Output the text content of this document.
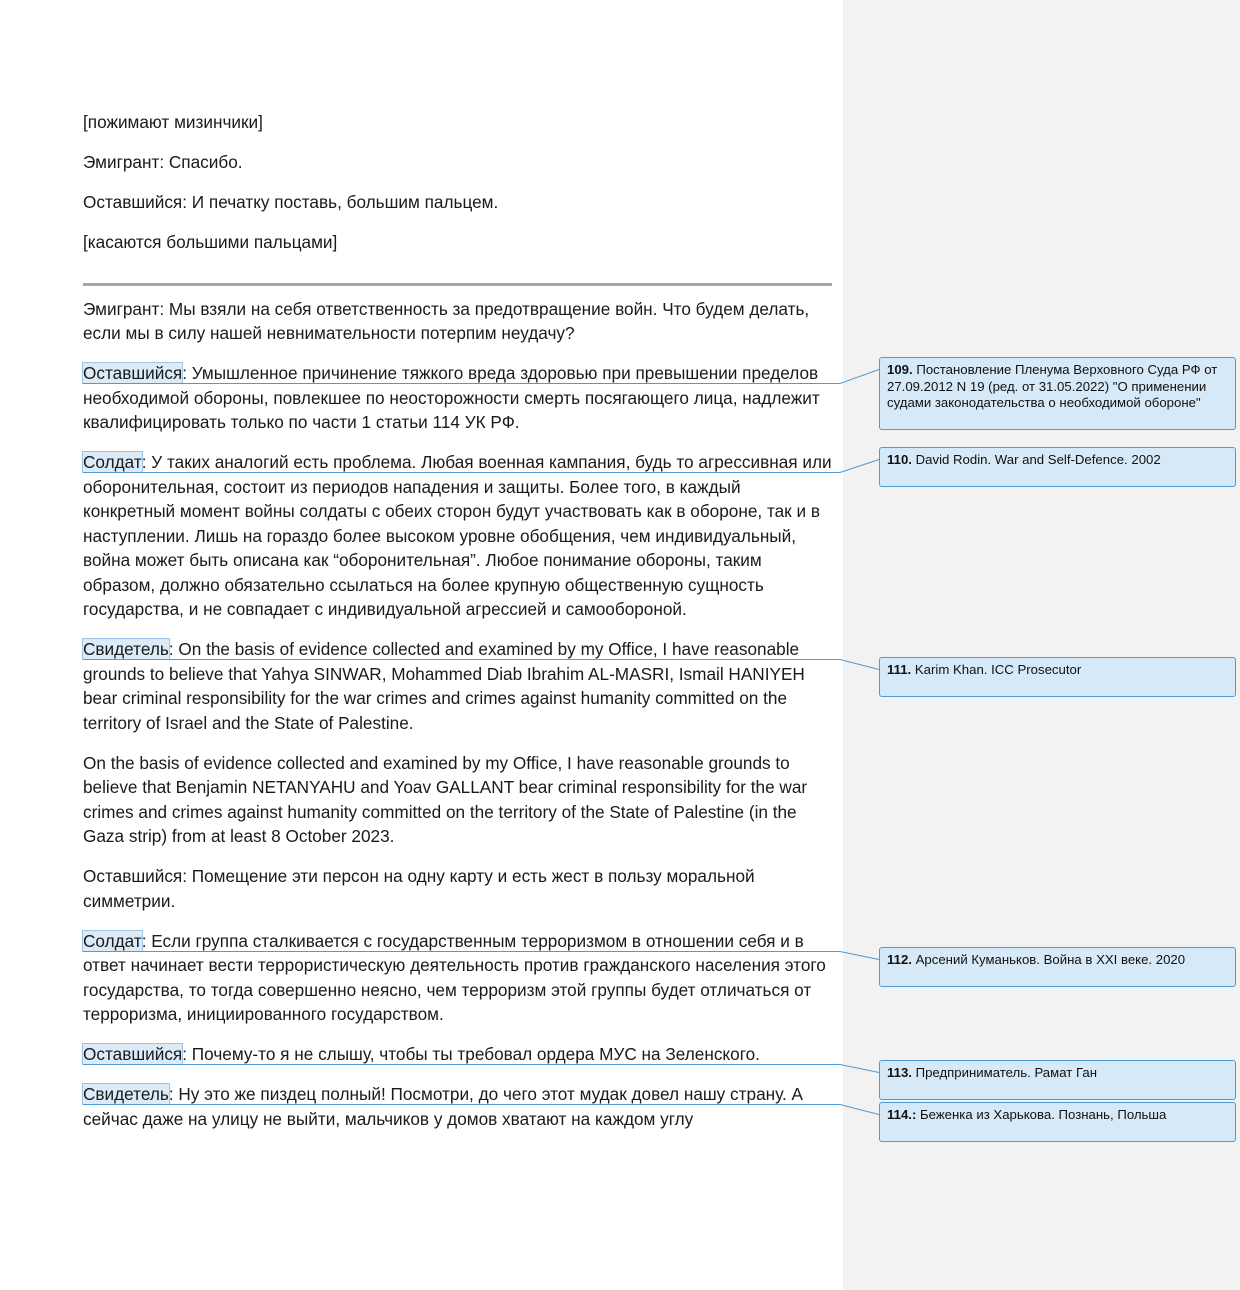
[пожимают мизинчики]

Эмигрант: Спасибо.

Оставшийся: И печатку поставь, большим пальцем.

[касаются большими пальцами]

Эмигрант: Мы взяли на себя ответственность за предотвращение войн. Что будем делать, если мы в силу нашей невнимательности потерпим неудачу?

Оставшийся: Умышленное причинение тяжкого вреда здоровью при превышении пределов необходимой обороны, повлекшее по неосторожности смерть посягающего лица, надлежит квалифицировать только по части 1 статьи 114 УК РФ.

Солдат: У таких аналогий есть проблема. Любая военная кампания, будь то агрессивная или оборонительная, состоит из периодов нападения и защиты. Более того, в каждый конкретный момент войны солдаты с обеих сторон будут участвовать как в обороне, так и в наступлении. Лишь на гораздо более высоком уровне обобщения, чем индивидуальный, война может быть описана как “оборонительная”. Любое понимание обороны, таким образом, должно обязательно ссылаться на более крупную общественную сущность государства, и не совпадает с индивидуальной агрессией и самообороной.

Свидетель: On the basis of evidence collected and examined by my Office, I have reasonable grounds to believe that Yahya SINWAR, Mohammed Diab Ibrahim AL-MASRI, Ismail HANIYEH bear criminal responsibility for the war crimes and crimes against humanity committed on the territory of Israel and the State of Palestine.

On the basis of evidence collected and examined by my Office, I have reasonable grounds to believe that Benjamin NETANYAHU and Yoav GALLANT bear criminal responsibility for the war crimes and crimes against humanity committed on the territory of the State of Palestine (in the Gaza strip) from at least 8 October 2023.

Оставшийся: Помещение эти персон на одну карту и есть жест в пользу моральной симметрии.

Солдат: Если группа сталкивается с государственным терроризмом в отношении себя и в ответ начинает вести террористическую деятельность против гражданского населения этого государства, то тогда совершенно неясно, чем терроризм этой группы будет отличаться от терроризма, инициированного государством.

Оставшийся: Почему-то я не слышу, чтобы ты требовал ордера МУС на Зеленского.

Свидетель: Ну это же пиздец полный! Посмотри, до чего этот мудак довел нашу страну. А сейчас даже на улицу не выйти, мальчиков у домов хватают на каждом углу

109. Постановление Пленума Верховного Суда РФ от 27.09.2012 N 19 (ред. от 31.05.2022) "О применении судами законодательства о необходимой обороне"
110. David Rodin. War and Self-Defence. 2002
111. Karim Khan. ICC Prosecutor
112. Арсений Куманьков. Война в XXI веке. 2020
113. Предприниматель. Рамат Ган
114.: Беженка из Харькова. Познань, Польша
